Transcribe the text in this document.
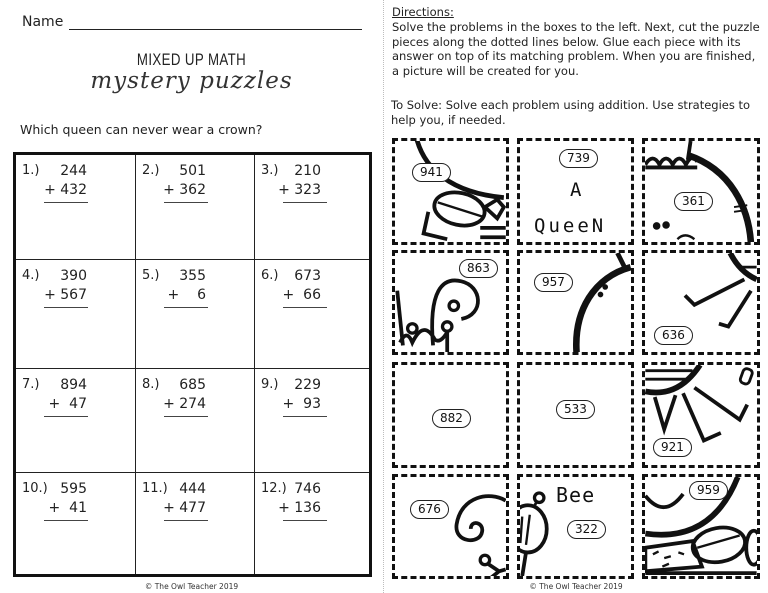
Name
MIXED UP MATH
mystery puzzles
Which queen can never wear a crown?
1.) 244
+ 432
2.) 501
+ 362
3.) 210
+ 323
4.) 390
+ 567
5.) 355
+    6
6.) 673
+  66
7.) 894
+  47
8.) 685
+ 274
9.) 229
+  93
10.) 595
+  41
11.) 444
+ 477
12.) 746
+ 136
© The Owl Teacher 2019
Directions:
Solve the problems in the boxes to the left. Next, cut the puzzle pieces along the dotted lines below. Glue each piece with its answer on top of its matching problem. When you are finished, a picture will be created for you.
To Solve: Solve each problem using addition. Use strategies to help you, if needed.
941
739
A
QueeN
361
863
957
636
882
533
921
676
Bee
322
959
© The Owl Teacher 2019
